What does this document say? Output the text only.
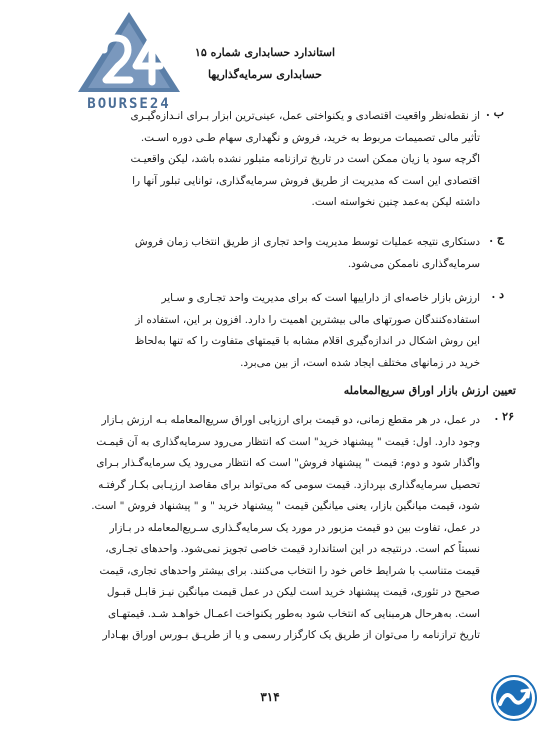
BOURSE24
استاندارد حسابداری شماره ۱۵
حسابداری سرمایه‌گذاریها
ب .
از نقطه‌نظر واقعیت اقتصادی و یکنواختی عمل، عینی‌ترین ابزار بـرای انـدازه‌گیـری
تأثیر مالی تصمیمات مربوط به خرید، فروش و نگهداری سهام طـی دوره اسـت.
اگرچه سود یا زیان ممکن است در تاریخ ترازنامه متبلور نشده باشد، لیکن واقعیـت
اقتصادی این است که مدیریت از طریق فروش سرمایه‌گذاری، توانایی تبلور آنها را
داشته لیکن به‌عمد چنین نخواسته است.
ج .
دستکاری نتیجه عملیات توسط مدیریت واحد تجاری از طریق انتخاب زمان فروش
سرمایه‌گذاری ناممکن می‌شود.
د .
ارزش بازار خاصه‌ای از داراییها است که برای مدیریت واحد تجـاری و سـایر
استفاده‌کنندگان صورتهای مالی بیشترین اهمیت را دارد. افزون بر این، استفاده از
این روش اشکال در اندازه‌گیری اقلام مشابه با قیمتهای متفاوت را که تنها به‌لحاظ
خرید در زمانهای مختلف ایجاد شده است، از بین می‌برد.
تعیین ارزش بازار اوراق سریع‌المعامله
۲۶ .
در عمل، در هر مقطع زمانی، دو قیمت برای ارزیابی اوراق سریع‌المعامله بـه ارزش بـازار
وجود دارد. اول: قیمت " پیشنهاد خرید" است که انتظار می‌رود سرمایه‌گذاری به آن قیمـت
واگذار شود و دوم: قیمت " پیشنهاد فروش" است که انتظار می‌رود یک سرمایه‌گـذار بـرای
تحصیل سرمایه‌گذاری بپردازد. قیمت سومی که می‌تواند برای مقاصد ارزیـابی بکـار گرفتـه
شود، قیمت میانگین بازار، یعنی میانگین قیمت " پیشنهاد خرید " و " پیشنهاد فروش " است.
در عمل، تفاوت بین دو قیمت مزبور در مورد یک سرمایه‌گـذاری سـریع‌المعامله در بـازار
نسبتاً کم است. درنتیجه در این استاندارد قیمت خاصی تجویز نمی‌شود. واحدهای تجـاری،
قیمت متناسب با شرایط خاص خود را انتخاب می‌کنند. برای بیشتر واحدهای تجاری، قیمت
صحیح در تئوری، قیمت پیشنهاد خرید است لیکن در عمل قیمت میانگین نیـز قابـل قبـول
است. به‌هرحال هرمبنایی که انتخاب شود به‌طور یکنواخت اعمـال خواهـد شـد. قیمتهـای
تاریخ ترازنامه را می‌توان از طریق یک کارگزار رسمی و یا از طریـق بـورس اوراق بهـادار
۳۱۴
